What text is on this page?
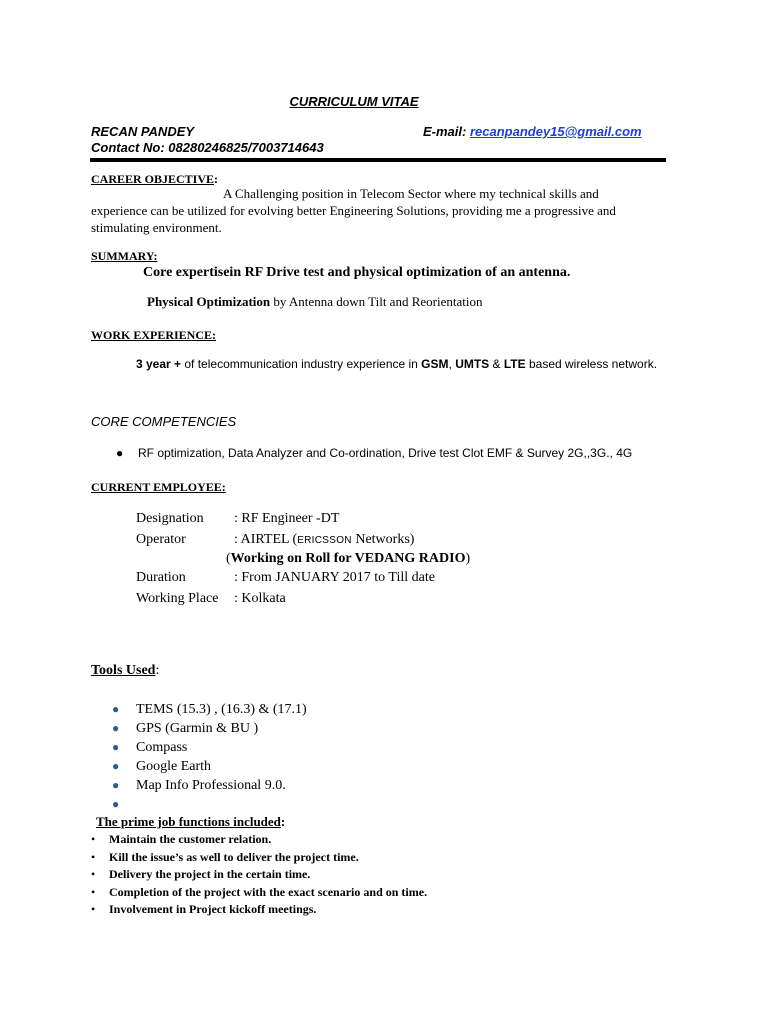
CURRICULUM VITAE

RECAN PANDEY	E-mail: recanpandey15@gmail.com

Contact No: 08280246825/7003714643

CAREER OBJECTIVE:

A Challenging position in Telecom Sector where my technical skills and
experience can be utilized for evolving better Engineering Solutions, providing me a progressive and stimulating environment.

SUMMARY:

Core expertisein RF Drive test and physical optimization of an antenna.

Physical Optimization by Antenna down Tilt and Reorientation

WORK EXPERIENCE:

3 year + of telecommunication industry experience in GSM, UMTS & LTE based wireless network.

CORE COMPETENCIES

● RF optimization, Data Analyzer and Co-ordination, Drive test Clot EMF & Survey 2G,,3G., 4G

CURRENT EMPLOYEE:

Designation : RF Engineer -DT
Operator	: AIRTEL (ERICSSON Networks)

(Working on Roll for VEDANG RADIO)

Duration	: From JANUARY 2017 to Till date
Working Place : Kolkata

Tools Used:

● TEMS (15.3) , (16.3) & (17.1)
● GPS (Garmin & BU )
● Compass
● Google Earth
● Map Info Professional 9.0.
●

The prime job functions included:

• Maintain the customer relation.
• Kill the issue’s as well to deliver the project time.
• Delivery the project in the certain time.
• Completion of the project with the exact scenario and on time.
• Involvement in Project kickoff meetings.
